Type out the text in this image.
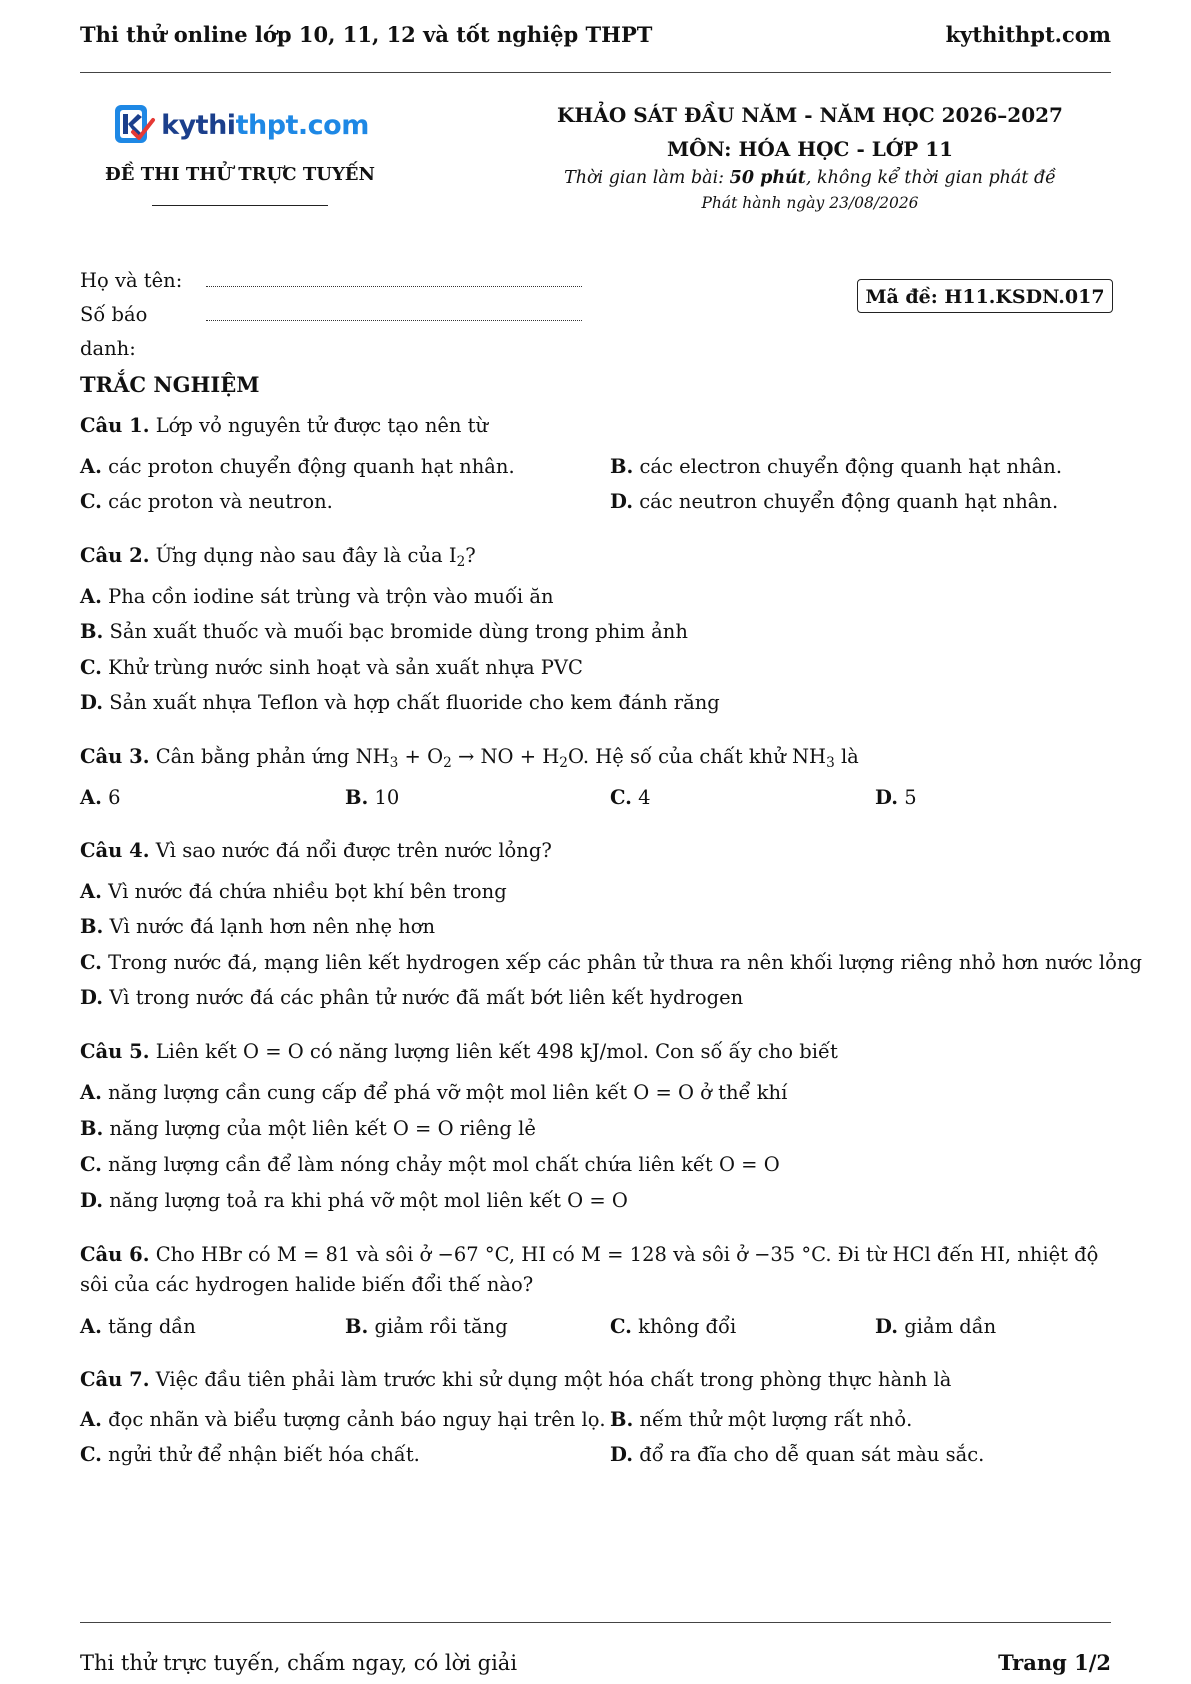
Thi thử online lớp 10, 11, 12 và tốt nghiệp THPT	kythithpt.com
kythithpt.com
ĐỀ THI THỬ TRỰC TUYẾN
KHẢO SÁT ĐẦU NĂM - NĂM HỌC 2026–2027
MÔN: HÓA HỌC - LỚP 11
Thời gian làm bài: 50 phút, không kể thời gian phát đề
Phát hành ngày 23/08/2026
Họ và tên:
Số báo danh:
Mã đề: H11.KSDN.017
TRẮC NGHIỆM
Câu 1. Lớp vỏ nguyên tử được tạo nên từ
A. các proton chuyển động quanh hạt nhân.	B. các electron chuyển động quanh hạt nhân.
C. các proton và neutron.	D. các neutron chuyển động quanh hạt nhân.
Câu 2. Ứng dụng nào sau đây là của $I_2$?
A. Pha cồn iodine sát trùng và trộn vào muối ăn
B. Sản xuất thuốc và muối bạc bromide dùng trong phim ảnh
C. Khử trùng nước sinh hoạt và sản xuất nhựa PVC
D. Sản xuất nhựa Teflon và hợp chất fluoride cho kem đánh răng
Câu 3. Cân bằng phản ứng $NH_3 + O_2$ → NO + $H_2O$. Hệ số của chất khử $NH_3$ là
A. 6	B. 10	C. 4	D. 5
Câu 4. Vì sao nước đá nổi được trên nước lỏng?
A. Vì nước đá chứa nhiều bọt khí bên trong
B. Vì nước đá lạnh hơn nên nhẹ hơn
C. Trong nước đá, mạng liên kết hydrogen xếp các phân tử thưa ra nên khối lượng riêng nhỏ hơn nước lỏng
D. Vì trong nước đá các phân tử nước đã mất bớt liên kết hydrogen
Câu 5. Liên kết O = O có năng lượng liên kết 498 kJ/mol. Con số ấy cho biết
A. năng lượng cần cung cấp để phá vỡ một mol liên kết O = O ở thể khí
B. năng lượng của một liên kết O = O riêng lẻ
C. năng lượng cần để làm nóng chảy một mol chất chứa liên kết O = O
D. năng lượng toả ra khi phá vỡ một mol liên kết O = O
Câu 6. Cho HBr có M = 81 và sôi ở −67 °C, HI có M = 128 và sôi ở −35 °C. Đi từ HCl đến HI, nhiệt độ sôi của các hydrogen halide biến đổi thế nào?
A. tăng dần	B. giảm rồi tăng	C. không đổi	D. giảm dần
Câu 7. Việc đầu tiên phải làm trước khi sử dụng một hóa chất trong phòng thực hành là
A. đọc nhãn và biểu tượng cảnh báo nguy hại trên lọ. B. nếm thử một lượng rất nhỏ.
C. ngửi thử để nhận biết hóa chất.	D. đổ ra đĩa cho dễ quan sát màu sắc.
Thi thử trực tuyến, chấm ngay, có lời giải	Trang 1/2
